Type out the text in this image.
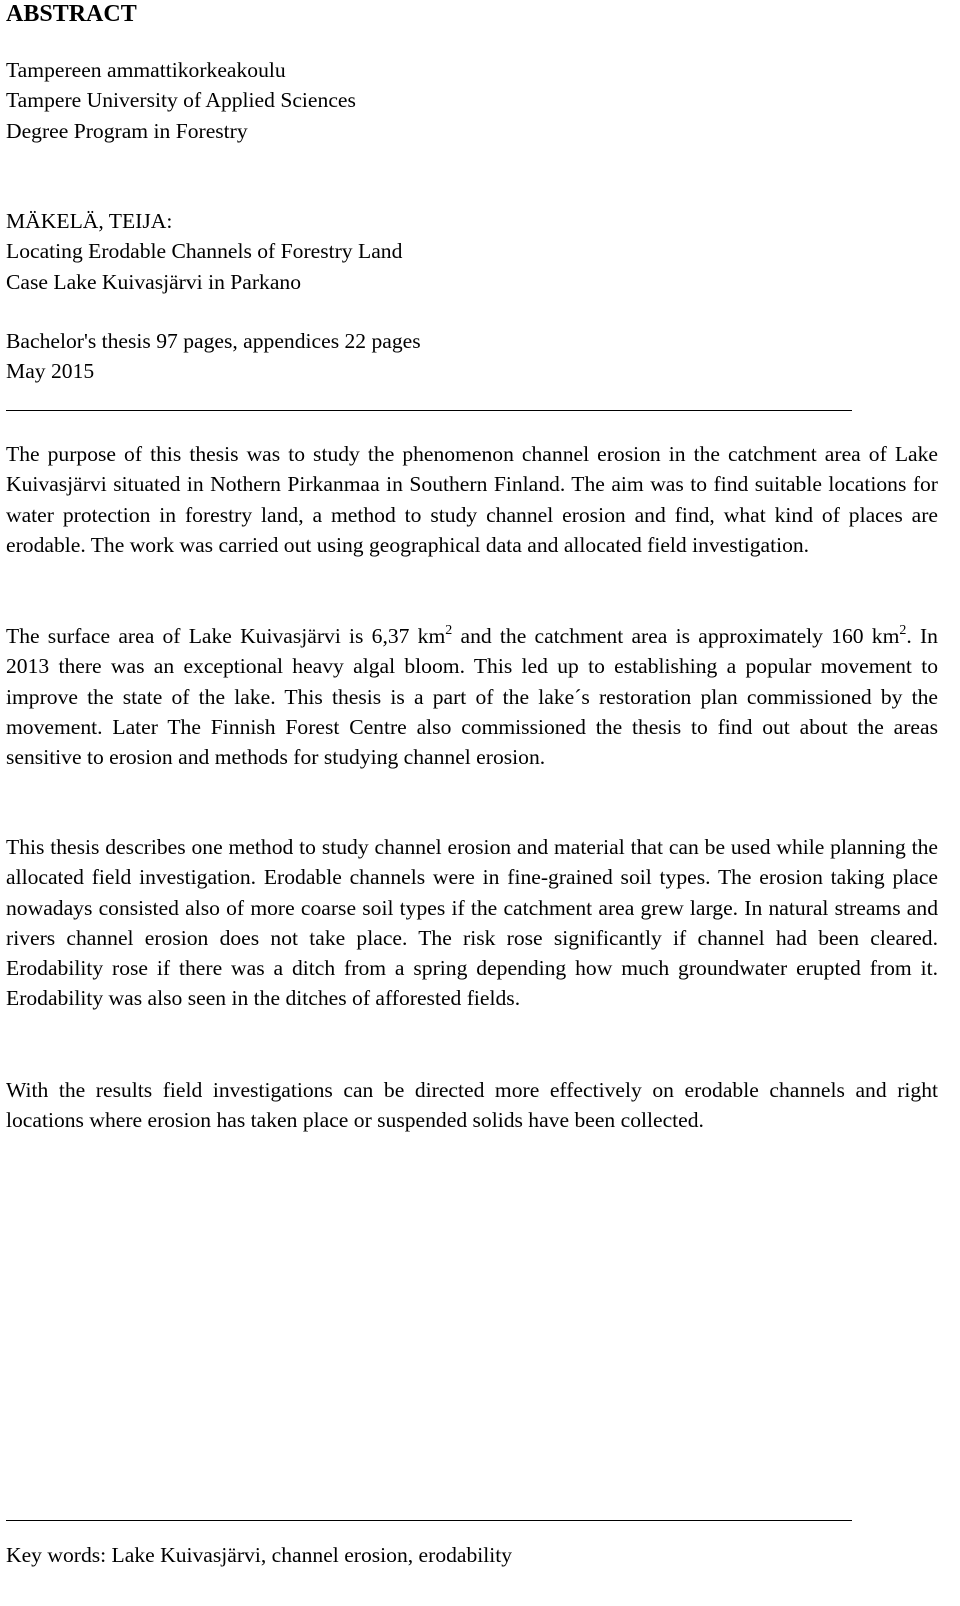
ABSTRACT
Tampereen ammattikorkeakoulu
Tampere University of Applied Sciences
Degree Program in Forestry
MÄKELÄ, TEIJA:
Locating Erodable Channels of Forestry Land
Case Lake Kuivasjärvi in Parkano
Bachelor's thesis 97 pages, appendices 22 pages
May 2015

The purpose of this thesis was to study the phenomenon channel erosion in the catchment area of Lake Kuivasjärvi situated in Nothern Pirkanmaa in Southern Finland. The aim was to find suitable locations for water protection in forestry land, a method to study channel erosion and find, what kind of places are erodable. The work was carried out using geographical data and allocated field investigation.

The surface area of Lake Kuivasjärvi is 6,37 $km^2$ and the catchment area is approximately 160 $km^2$. In 2013 there was an exceptional heavy algal bloom. This led up to establishing a popular movement to improve the state of the lake. This thesis is a part of the lake´s restoration plan commissioned by the movement. Later The Finnish Forest Centre also commissioned the thesis to find out about the areas sensitive to erosion and methods for studying channel erosion.

This thesis describes one method to study channel erosion and material that can be used while planning the allocated field investigation. Erodable channels were in fine-grained soil types. The erosion taking place nowadays consisted also of more coarse soil types if the catchment area grew large. In natural streams and rivers channel erosion does not take place. The risk rose significantly if channel had been cleared. Erodability rose if there was a ditch from a spring depending how much groundwater erupted from it. Erodability was also seen in the ditches of afforested fields.

With the results field investigations can be directed more effectively on erodable channels and right locations where erosion has taken place or suspended solids have been collected.

Key words: Lake Kuivasjärvi, channel erosion, erodability
